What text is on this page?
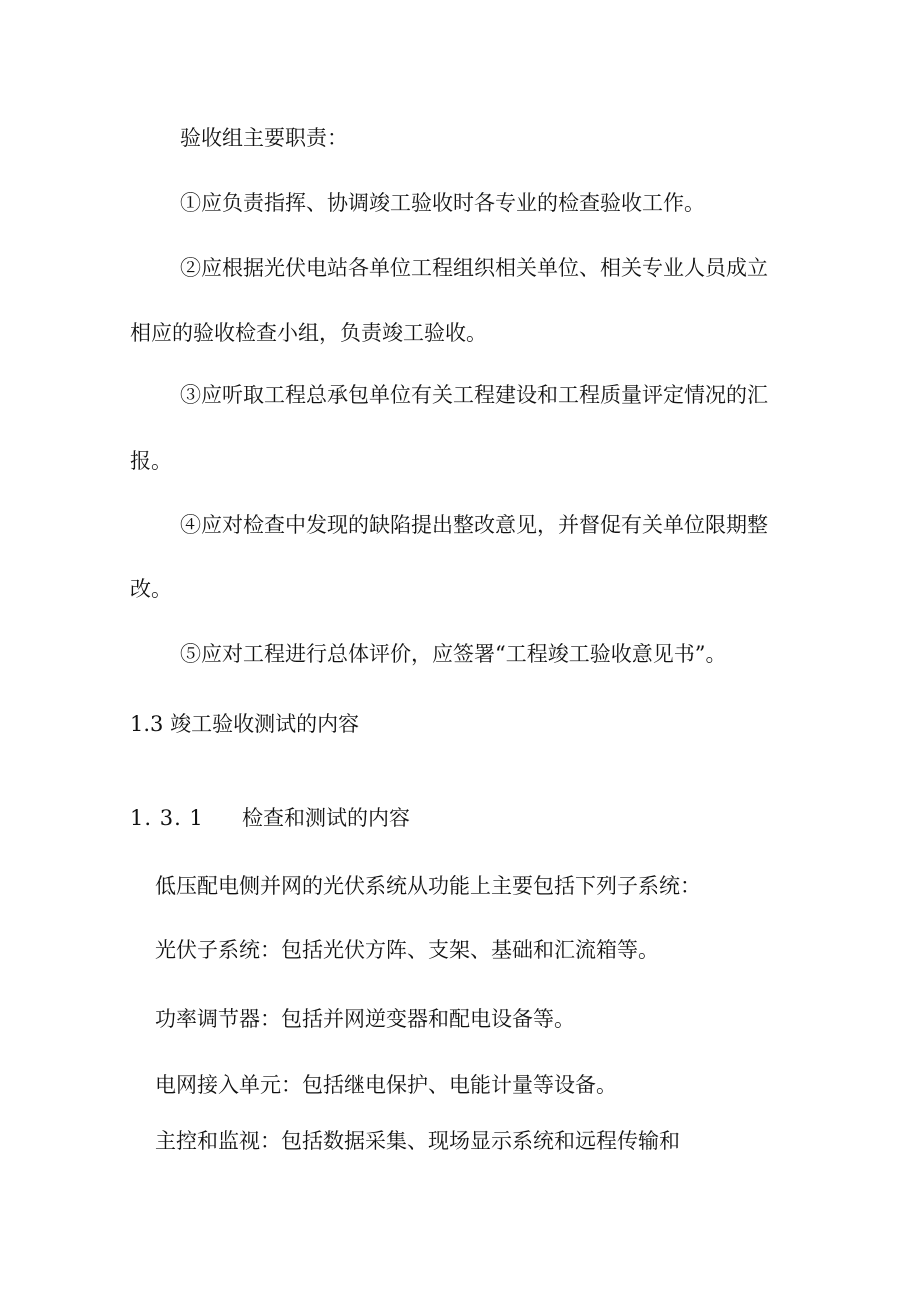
验收组主要职责：

①应负责指挥、协调竣工验收时各专业的检查验收工作。

②应根据光伏电站各单位工程组织相关单位、相关专业人员成立

相应的验收检查小组，负责竣工验收。

③应听取工程总承包单位有关工程建设和工程质量评定情况的汇

报。

④应对检查中发现的缺陷提出整改意见，并督促有关单位限期整

改。

⑤应对工程进行总体评价，应签署“工程竣工验收意见书”。

1.3 竣工验收测试的内容

1. 3. 1 检查和测试的内容

低压配电侧并网的光伏系统从功能上主要包括下列子系统：

光伏子系统：包括光伏方阵、支架、基础和汇流箱等。

功率调节器：包括并网逆变器和配电设备等。

电网接入单元：包括继电保护、电能计量等设备。

主控和监视：包括数据采集、现场显示系统和远程传输和
